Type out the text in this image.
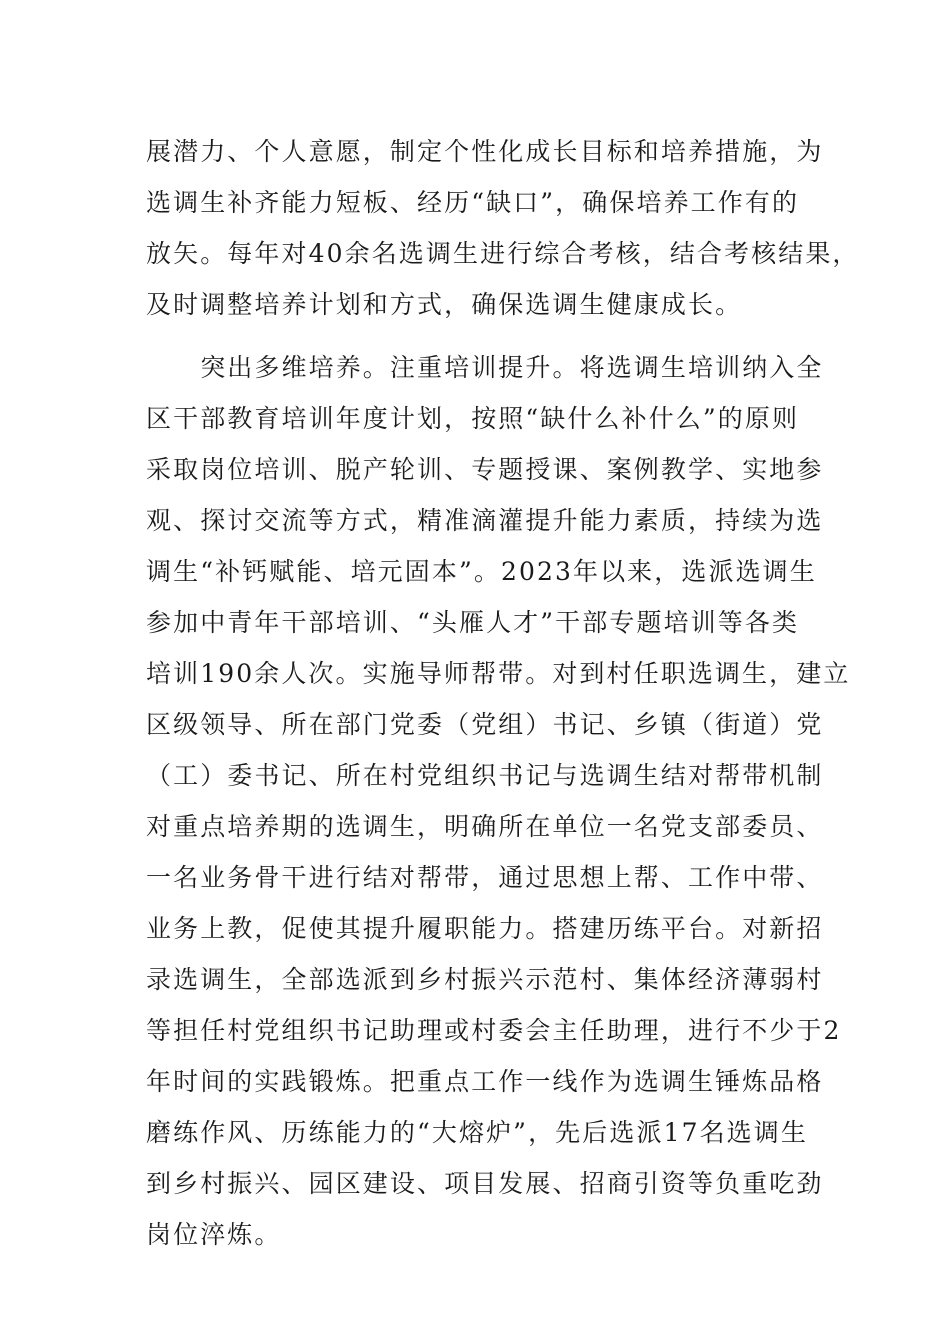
展潜力、个人意愿，制定个性化成长目标和培养措施，为
选调生补齐能力短板、经历“缺口”，确保培养工作有的
放矢。每年对40余名选调生进行综合考核，结合考核结果，
及时调整培养计划和方式，确保选调生健康成长。
　　突出多维培养。注重培训提升。将选调生培训纳入全
区干部教育培训年度计划，按照“缺什么补什么”的原则
采取岗位培训、脱产轮训、专题授课、案例教学、实地参
观、探讨交流等方式，精准滴灌提升能力素质，持续为选
调生“补钙赋能、培元固本”。2023年以来，选派选调生
参加中青年干部培训、“头雁人才”干部专题培训等各类
培训190余人次。实施导师帮带。对到村任职选调生，建立
区级领导、所在部门党委（党组）书记、乡镇（街道）党
（工）委书记、所在村党组织书记与选调生结对帮带机制
对重点培养期的选调生，明确所在单位一名党支部委员、
一名业务骨干进行结对帮带，通过思想上帮、工作中带、
业务上教，促使其提升履职能力。搭建历练平台。对新招
录选调生，全部选派到乡村振兴示范村、集体经济薄弱村
等担任村党组织书记助理或村委会主任助理，进行不少于2
年时间的实践锻炼。把重点工作一线作为选调生锤炼品格
磨练作风、历练能力的“大熔炉”，先后选派17名选调生
到乡村振兴、园区建设、项目发展、招商引资等负重吃劲
岗位淬炼。
